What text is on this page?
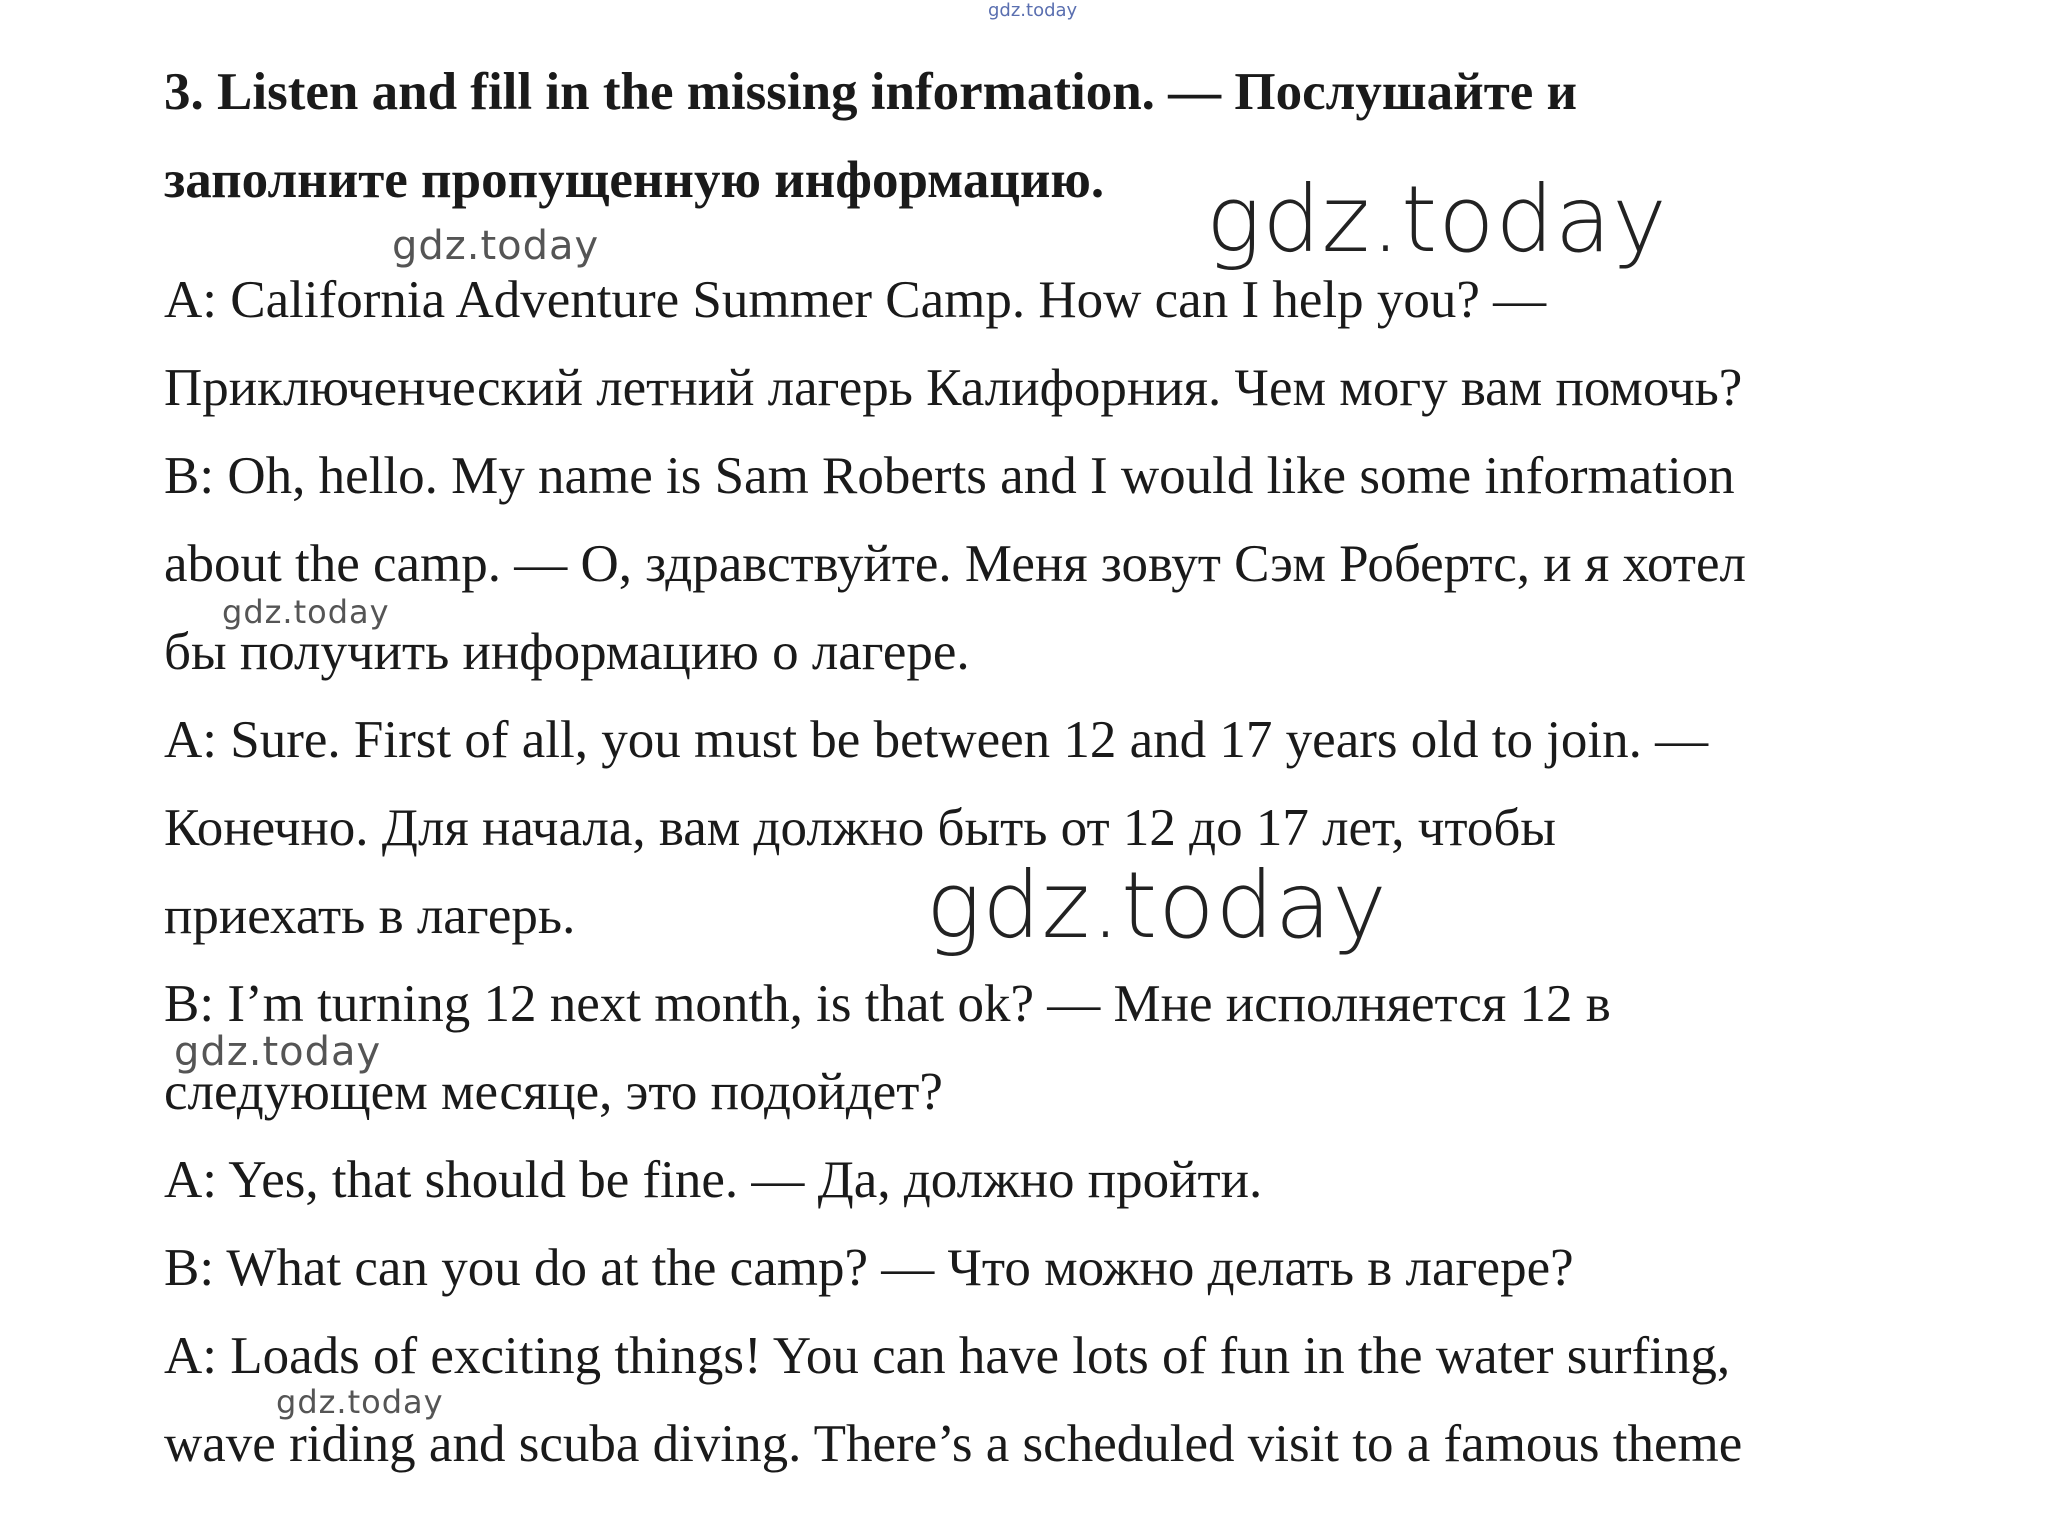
gdz.today
3. Listen and fill in the missing information. — Послушайте и
заполните пропущенную информацию. gdz.today
gdz.today
A: California Adventure Summer Camp. How can I help you? —
Приключенческий летний лагерь Калифорния. Чем могу вам помочь?
B: Oh, hello. My name is Sam Roberts and I would like some information
about the camp. — О, здравствуйте. Меня зовут Сэм Робертс, и я хотел
gdz.today
бы получить информацию о лагере.
A: Sure. First of all, you must be between 12 and 17 years old to join. —
Конечно. Для начала, вам должно быть от 12 до 17 лет, чтобы
gdz.today
приехать в лагерь.
B: I’m turning 12 next month, is that ok? — Мне исполняется 12 в
gdz.today
следующем месяце, это подойдет?
A: Yes, that should be fine. — Да, должно пройти.
B: What can you do at the camp? — Что можно делать в лагере?
A: Loads of exciting things! You can have lots of fun in the water surfing,
gdz.today
wave riding and scuba diving. There’s a scheduled visit to a famous theme
